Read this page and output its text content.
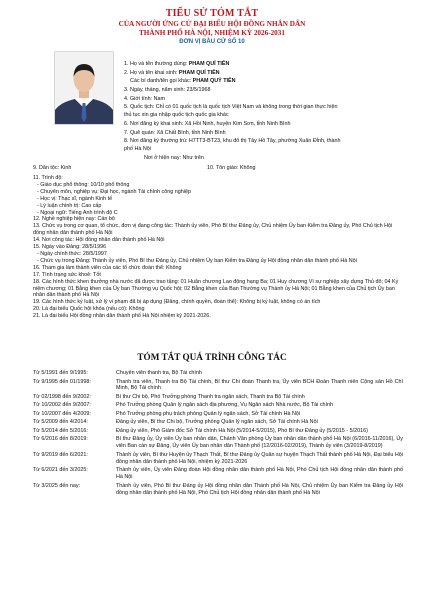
TIỂU SỬ TÓM TẮT
CỦA NGƯỜI ỨNG CỬ ĐẠI BIỂU HỘI ĐỒNG NHÂN DÂN
THÀNH PHỐ HÀ NỘI, NHIỆM KỲ 2026-2031
ĐƠN VỊ BẦU CỬ SỐ 10
1. Họ và tên thường dùng: PHAM QUÍ TIÊN
2. Họ và tên khai sinh: PHAM QUÍ TIÊN
Các bí danh/tên gọi khác: PHAM QUÝ TIÊN
3. Ngày, tháng, năm sinh: 23/5/1968
4. Giới tính: Nam
5. Quốc tịch: Chỉ có 01 quốc tịch là quốc tịch Việt Nam và không trong thời gian thực hiện
thủ tục xin gia nhập quốc tịch quốc gia khác
6. Nơi đăng ký khai sinh: Xã Hồi Ninh, huyện Kim Sơn, tỉnh Ninh Bình
7. Quê quán: Xã Chất Bình, tỉnh Ninh Bình
8. Nơi đăng ký thường trú: H7TT3-BT23, khu đô thị Tây Hồ Tây, phường Xuân Đỉnh, thành
phố Hà Nội
Nơi ở hiện nay: Như trên
9. Dân tộc: Kinh	10. Tôn giáo: Không

11. Trình độ:

- Giáo dục phổ thông: 10/10 phổ thông

- Chuyên môn, nghiệp vụ: Đại học, ngành Tài chính công nghiệp

- Học vị: Thạc sĩ, ngành Kinh tế

- Lý luận chính trị: Cao cấp

- Ngoại ngữ: Tiếng Anh trình độ C

12. Nghề nghiệp hiện nay: Cán bộ

13. Chức vụ trong cơ quan, tổ chức, đơn vị đang công tác: Thành ủy viên, Phó Bí thư Đảng ủy, Chủ nhiệm Ủy ban Kiểm tra Đảng ủy, Phó Chủ tịch Hội đồng nhân dân thành phố Hà Nội

14. Nơi công tác: Hội đồng nhân dân thành phố Hà Nội

15. Ngày vào Đảng: 28/5/1996

- Ngày chính thức: 28/5/1997

- Chức vụ trong Đảng: Thành ủy viên, Phó Bí thư Đảng ủy, Chủ nhiệm Ủy ban Kiểm tra Đảng ủy Hội đồng nhân dân thành phố Hà Nội

16. Tham gia làm thành viên của các tổ chức đoàn thể: Không

17. Tình trạng sức khoẻ: Tốt

18. Các hình thức khen thưởng nhà nước đã được trao tặng: 01 Huân chương Lao động hạng Ba; 01 Huy chương Vì sự nghiệp xây dựng Thủ đô; 04 Kỷ niệm chương; 01 Bằng khen của Ủy ban Thường vụ Quốc hội; 02 Bằng khen của Ban Thường vụ Thành ủy Hà Nội; 01 Bằng khen của Chủ tịch Ủy ban nhân dân thành phố Hà Nội

19. Các hình thức kỷ luật, xử lý vi phạm đã bị áp dụng (Đảng, chính quyền, đoàn thể): Không bị kỷ luật, không có án tích

20. Là đại biểu Quốc hội khóa (nếu có): Không

21. Là đại biểu Hội đồng nhân dân thành phố Hà Nội nhiệm kỳ 2021-2026.

TÓM TẮT QUÁ TRÌNH CÔNG TÁC
Từ 5/1991 đến 9/1995:	Chuyên viên thanh tra, Bộ Tài chính
Từ 9/1995 đến 01/1998:	Thanh tra viên, Thanh tra Bộ Tài chính, Bí thư Chi đoàn Thanh tra, Ủy viên BCH Đoàn Thanh niên Cộng sản Hồ Chí Minh, Bộ Tài chính
Từ 02/1998 đến 9/2002:	Bí thư Chi bộ, Phó Trưởng phòng Thanh tra ngân sách, Thanh tra Bộ Tài chính
Từ 10/2002 đến 9/2007:	Phó Trưởng phòng Quản lý ngân sách địa phương, Vụ Ngân sách Nhà nước, Bộ Tài chính
Từ 10/2007 đến 4/2009:	Phó Trưởng phòng phụ trách phòng Quản lý ngân sách, Sở Tài chính Hà Nội
Từ 5/2009 đến 4/2014:	Đảng ủy viên, Bí thư Chi bộ, Trưởng phòng Quản lý ngân sách, Sở Tài chính Hà Nội
Từ 5/2014 đến 5/2016:	Đảng ủy viên, Phó Giám đốc Sở Tài chính Hà Nội (5/2014-5/2015), Phó Bí thư Đảng ủy (5/2015 - 5/2016)
Từ 6/2016 đến 8/2019:	Bí thư Đảng ủy, Ủy viên Ủy ban nhân dân, Chánh Văn phòng Ủy ban nhân dân thành phố Hà Nội (6/2016-11/2016), Ủy viên Ban cán sự Đảng, Ủy viên Ủy ban nhân dân Thành phố (12/2016-02/2019), Thành ủy viên (3/2019-8/2019)
Từ 9/2019 đến 6/2021:	Thành ủy viên, Bí thư Huyện ủy Thạch Thất, Bí thư Đảng ủy Quân sự huyện Thạch Thất thành phố Hà Nội, Đại biểu Hội đồng nhân dân thành phố Hà Nội, nhiệm kỳ 2021-2026
Từ 6/2021 đến 3/2025:	Thành ủy viên, Ủy viên Đảng đoàn Hội đồng nhân dân thành phố Hà Nội, Phó Chủ tịch Hội đồng nhân dân thành phố Hà Nội
Từ 3/2025 đến nay:	Thành ủy viên, Phó Bí thư Đảng ủy Hội đồng nhân dân Thành phố Hà Nội, Chủ nhiệm Ủy ban Kiểm tra Đảng ủy Hội đồng nhân dân thành phố Hà Nội, Phó Chủ tịch Hội đồng nhân dân thành phố Hà Nội
